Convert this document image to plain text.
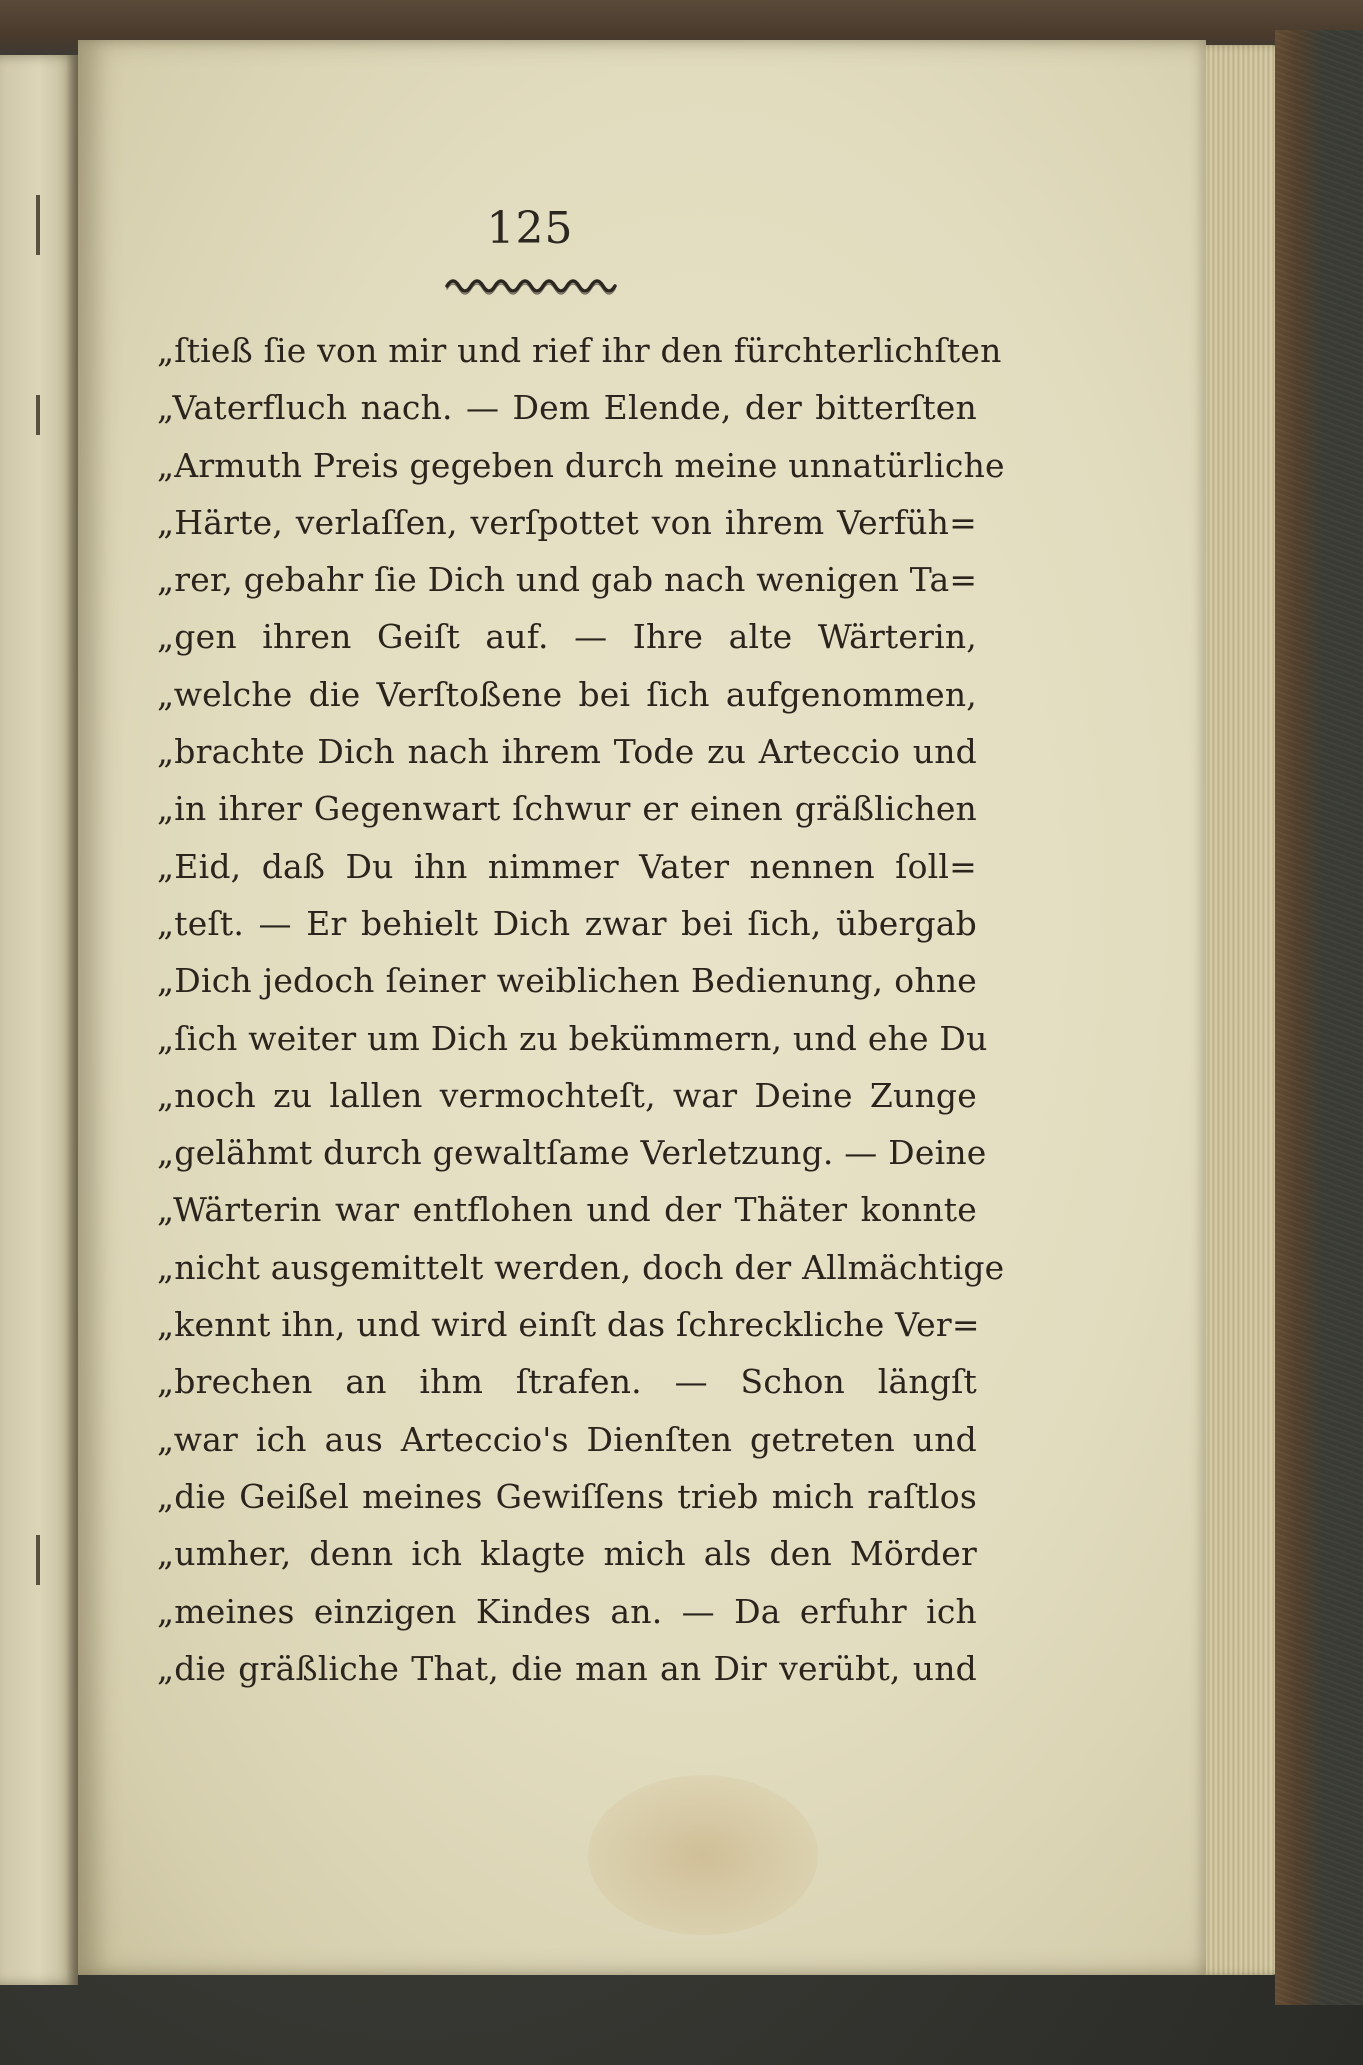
125
„ſtieß ſie von mir und rief ihr den fürchterlichſten
„Vaterfluch nach. — Dem Elende, der bitterſten
„Armuth Preis gegeben durch meine unnatürliche
„Härte, verlaſſen, verſpottet von ihrem Verfüh=
„rer, gebahr ſie Dich und gab nach wenigen Ta=
„gen ihren Geiſt auf. — Ihre alte Wärterin,
„welche die Verſtoßene bei ſich aufgenommen,
„brachte Dich nach ihrem Tode zu Arteccio und
„in ihrer Gegenwart ſchwur er einen gräßlichen
„Eid, daß Du ihn nimmer Vater nennen ſoll=
„teſt. — Er behielt Dich zwar bei ſich, übergab
„Dich jedoch ſeiner weiblichen Bedienung, ohne
„ſich weiter um Dich zu bekümmern, und ehe Du
„noch zu lallen vermochteſt, war Deine Zunge
„gelähmt durch gewaltſame Verletzung. — Deine
„Wärterin war entflohen und der Thäter konnte
„nicht ausgemittelt werden, doch der Allmächtige
„kennt ihn, und wird einſt das ſchreckliche Ver=
„brechen an ihm ſtrafen. — Schon längſt
„war ich aus Arteccio's Dienſten getreten und
„die Geißel meines Gewiſſens trieb mich raſtlos
„umher, denn ich klagte mich als den Mörder
„meines einzigen Kindes an. — Da erfuhr ich
„die gräßliche That, die man an Dir verübt, und
